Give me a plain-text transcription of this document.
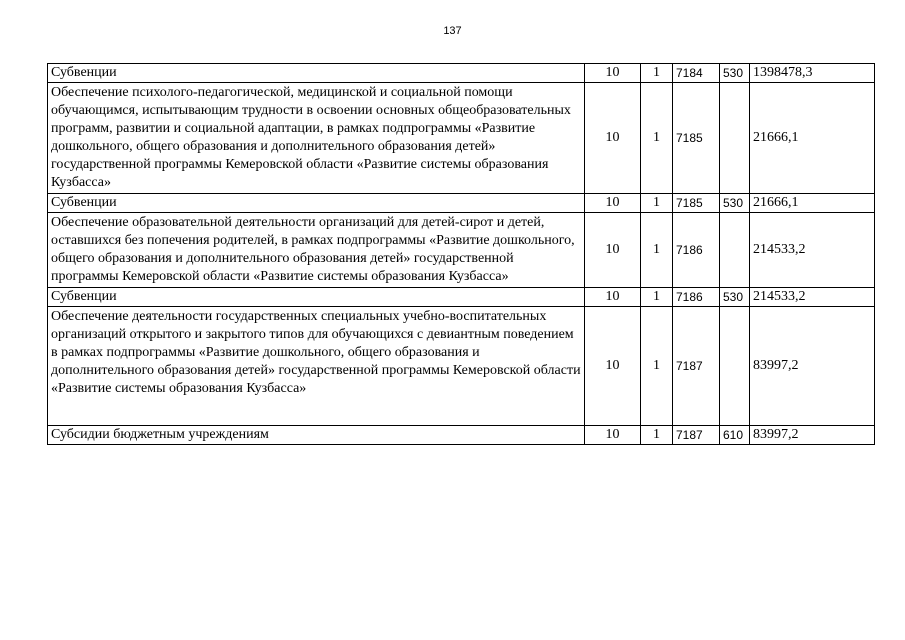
137
Субвенции	10	1	7184	530	1398478,3
Обеспечение психолого-педагогической, медицинской и социальной помощи обучающимся, испытывающим трудности в освоении основных общеобразовательных программ, развитии и социальной адаптации, в рамках подпрограммы «Развитие дошкольного, общего образования и дополнительного образования детей» государственной программы Кемеровской области «Развитие системы образования Кузбасса»	10	1	7185		21666,1
Субвенции	10	1	7185	530	21666,1
Обеспечение образовательной деятельности организаций для детей-сирот и детей, оставшихся без попечения родителей, в рамках подпрограммы «Развитие дошкольного, общего образования и дополнительного образования детей» государственной программы Кемеровской области «Развитие системы образования Кузбасса»	10	1	7186		214533,2
Субвенции	10	1	7186	530	214533,2
Обеспечение деятельности государственных специальных учебно-воспитательных организаций открытого и закрытого типов для обучающихся с девиантным поведением в рамках подпрограммы «Развитие дошкольного, общего образования и дополнительного образования детей» государственной программы Кемеровской области «Развитие системы образования Кузбасса»	10	1	7187		83997,2
Субсидии бюджетным учреждениям	10	1	7187	610	83997,2
